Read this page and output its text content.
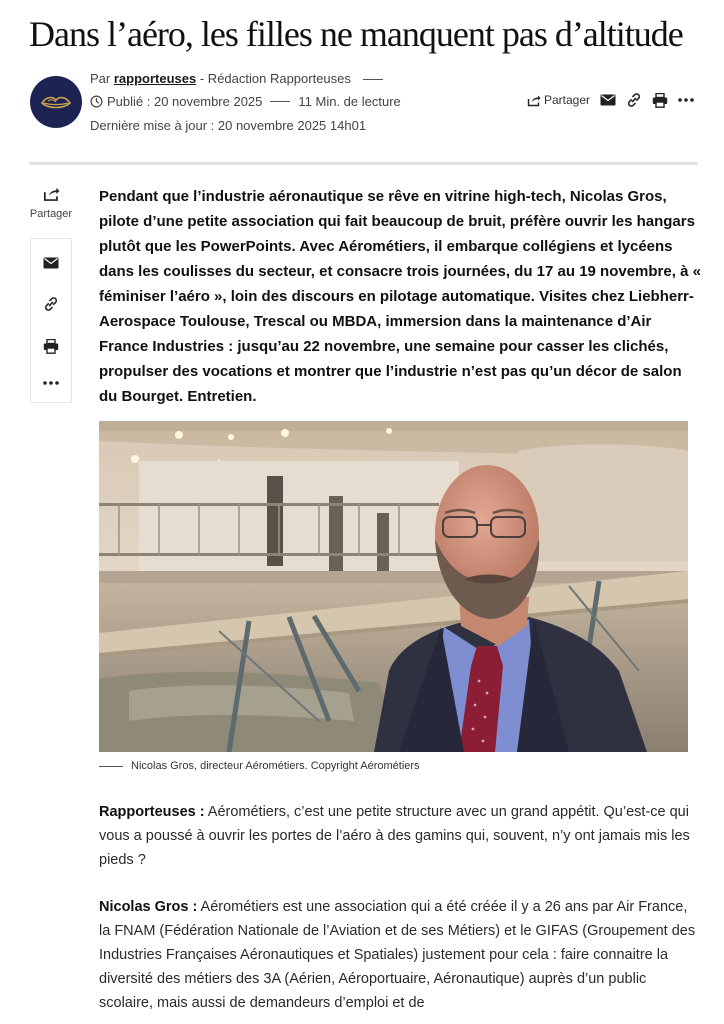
Dans l’aéro, les filles ne manquent pas d’altitude
Par rapporteuses - Rédaction Rapporteuses
Publié : 20 novembre 2025	11 Min. de lecture
Dernière mise à jour : 20 novembre 2025 14h01
Partager
Partager

Pendant que l’industrie aéronautique se rêve en vitrine high-tech, Nicolas Gros, pilote d’une petite association qui fait beaucoup de bruit, préfère ouvrir les hangars plutôt que les PowerPoints. Avec Aérométiers, il embarque collégiens et lycéens dans les coulisses du secteur, et consacre trois journées, du 17 au 19 novembre, à « féminiser l’aéro », loin des discours en pilotage automatique. Visites chez Liebherr-Aerospace Toulouse, Trescal ou MBDA, immersion dans la maintenance d’Air France Industries : jusqu’au 22 novembre, une semaine pour casser les clichés, propulser des vocations et montrer que l’industrie n’est pas qu’un décor de salon du Bourget. Entretien.

Nicolas Gros, directeur Aérométiers. Copyright Aérométiers

Rapporteuses : Aérométiers, c’est une petite structure avec un grand appétit. Qu’est-ce qui vous a poussé à ouvrir les portes de l’aéro à des gamins qui, souvent, n’y ont jamais mis les pieds ?

Nicolas Gros : Aérométiers est une association qui a été créée il y a 26 ans par Air France, la FNAM (Fédération Nationale de l’Aviation et de ses Métiers) et le GIFAS (Groupement des Industries Françaises Aéronautiques et Spatiales) justement pour cela : faire connaitre la diversité des métiers des 3A (Aérien, Aéroportuaire, Aéronautique) auprès d’un public scolaire, mais aussi de demandeurs d’emploi et de
